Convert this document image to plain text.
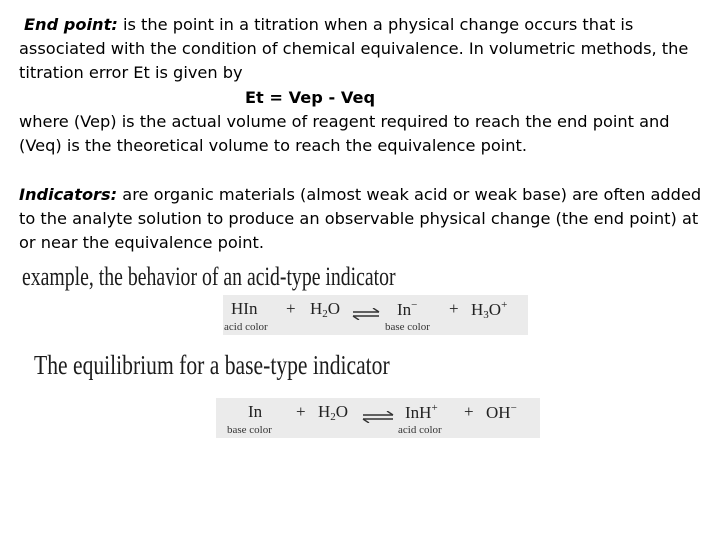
End point: is the point in a titration when a physical change occurs that is associated with the condition of chemical equivalence. In volumetric methods, the titration error Et is given by
Et = Vep - Veq
where (Vep) is the actual volume of reagent required to reach the end point and (Veq) is the theoretical volume to reach the equivalence point.
Indicators: are organic materials (almost weak acid or weak base) are often added to the analyte solution to produce an observable physical change (the end point) at or near the equivalence point.
example, the behavior of an acid-type indicator
HIn
acid color
+ $H_2O$ ⇌ In−
base color
+ $H_3O^+$
The equilibrium for a base-type indicator
In
base color
+ $H_2O$ ⇌ InH+
acid color
+ OH−
